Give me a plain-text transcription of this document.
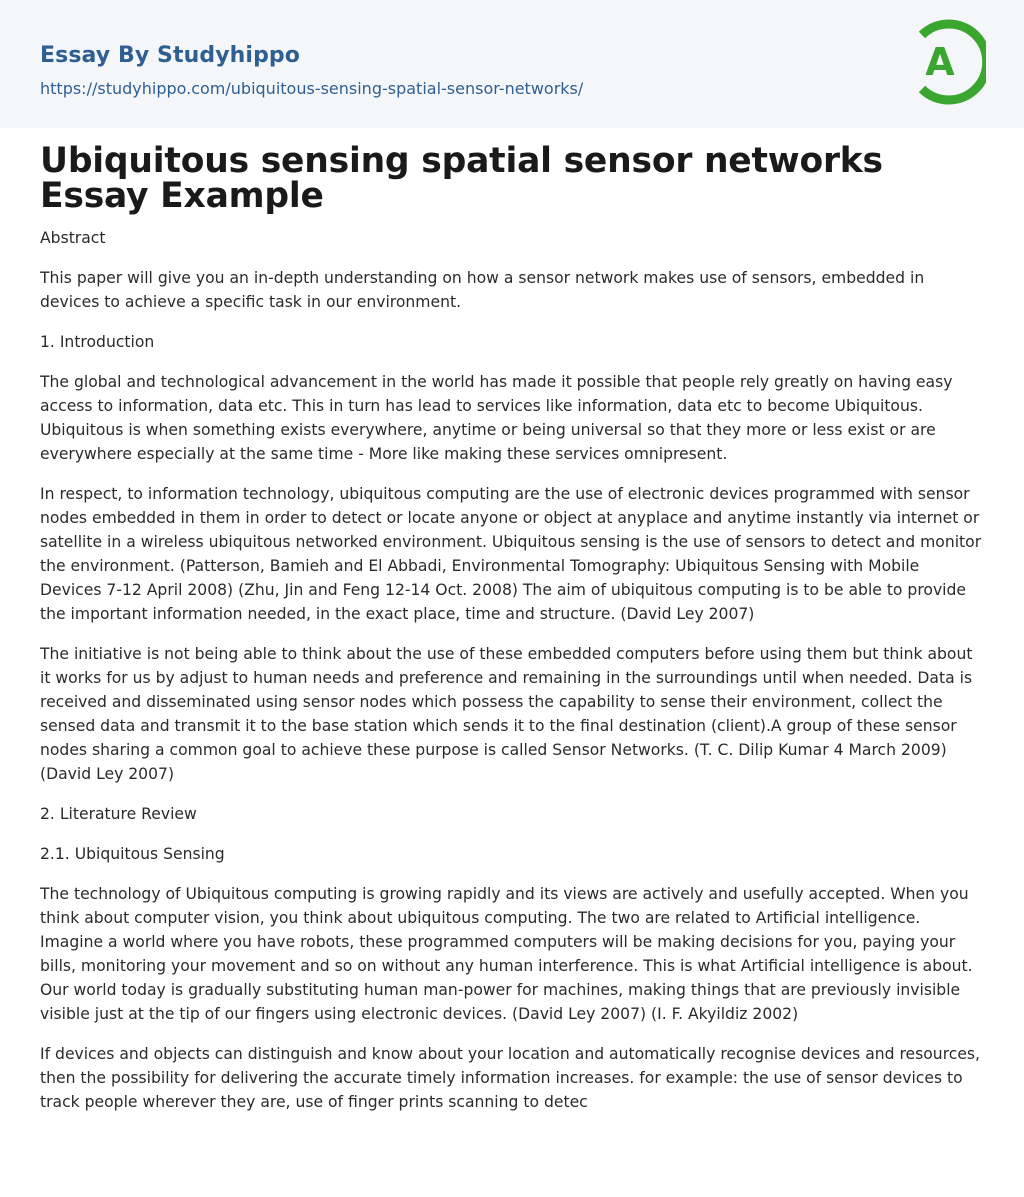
Essay By Studyhippo
https://studyhippo.com/ubiquitous-sensing-spatial-sensor-networks/
A
Ubiquitous sensing spatial sensor networks Essay Example

Abstract

This paper will give you an in-depth understanding on how a sensor network makes use of sensors, embedded in devices to achieve a specific task in our environment.

1. Introduction

The global and technological advancement in the world has made it possible that people rely greatly on having easy access to information, data etc. This in turn has lead to services like information, data etc to become Ubiquitous. Ubiquitous is when something exists everywhere, anytime or being universal so that they more or less exist or are everywhere especially at the same time - More like making these services omnipresent.

In respect, to information technology, ubiquitous computing are the use of electronic devices programmed with sensor nodes embedded in them in order to detect or locate anyone or object at anyplace and anytime instantly via internet or satellite in a wireless ubiquitous networked environment. Ubiquitous sensing is the use of sensors to detect and monitor the environment. (Patterson, Bamieh and El Abbadi, Environmental Tomography: Ubiquitous Sensing with Mobile Devices 7-12 April 2008) (Zhu, Jin and Feng 12-14 Oct. 2008) The aim of ubiquitous computing is to be able to provide the important information needed, in the exact place, time and structure. (David Ley 2007)

The initiative is not being able to think about the use of these embedded computers before using them but think about it works for us by adjust to human needs and preference and remaining in the surroundings until when needed. Data is received and disseminated using sensor nodes which possess the capability to sense their environment, collect the sensed data and transmit it to the base station which sends it to the final destination (client).A group of these sensor nodes sharing a common goal to achieve these purpose is called Sensor Networks. (T. C. Dilip Kumar 4 March 2009) (David Ley 2007)

2. Literature Review

2.1. Ubiquitous Sensing

The technology of Ubiquitous computing is growing rapidly and its views are actively and usefully accepted. When you think about computer vision, you think about ubiquitous computing. The two are related to Artificial intelligence. Imagine a world where you have robots, these programmed computers will be making decisions for you, paying your bills, monitoring your movement and so on without any human interference. This is what Artificial intelligence is about. Our world today is gradually substituting human man-power for machines, making things that are previously invisible visible just at the tip of our fingers using electronic devices. (David Ley 2007) (I. F. Akyildiz 2002)

If devices and objects can distinguish and know about your location and automatically recognise devices and resources, then the possibility for delivering the accurate timely information increases. for example: the use of sensor devices to track people wherever they are, use of finger prints scanning to detec
